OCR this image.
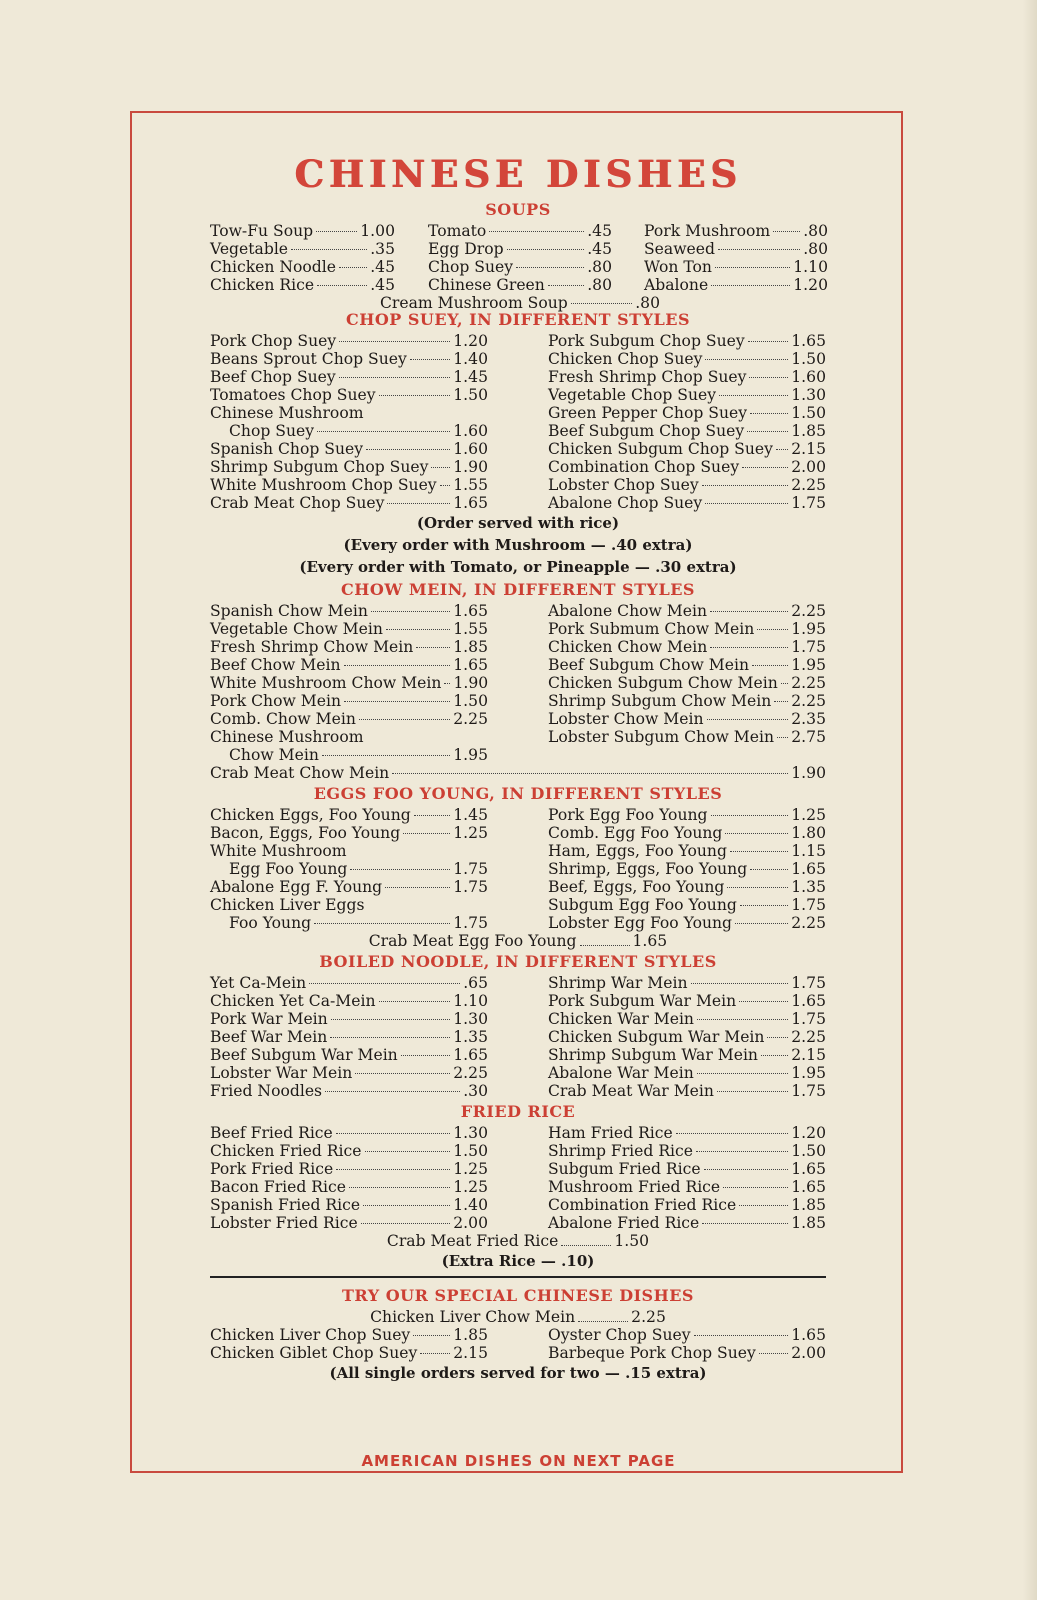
CHINESE DISHES
SOUPS
Tow-Fu Soup	1.00
Vegetable	.35
Chicken Noodle .45
Chicken Rice	.45
Tomato	.45
Egg Drop	.45
Chop Suey	.80
Chinese Green	.80
Pork Mushroom .80
Seaweed	.80
Won Ton	1.10
Abalone	1.20
Cream Mushroom Soup	.80
CHOP SUEY, IN DIFFERENT STYLES
Pork Chop Suey	1.20
Beans Sprout Chop Suey	1.40
Beef Chop Suey	1.45
Tomatoes Chop Suey	1.50
Chinese Mushroom
Chop Suey	1.60
Spanish Chop Suey	1.60
Shrimp Subgum Chop Suey 1.90
White Mushroom Chop Suey 1.55
Crab Meat Chop Suey	1.65
Pork Subgum Chop Suey	1.65
Chicken Chop Suey	1.50
Fresh Shrimp Chop Suey	1.60
Vegetable Chop Suey	1.30
Green Pepper Chop Suey	1.50
Beef Subgum Chop Suey	1.85
Chicken Subgum Chop Suey 2.15
Combination Chop Suey	2.00
Lobster Chop Suey	2.25
Abalone Chop Suey	1.75
(Order served with rice)
(Every order with Mushroom — .40 extra)
(Every order with Tomato, or Pineapple — .30 extra)
CHOW MEIN, IN DIFFERENT STYLES
Spanish Chow Mein	1.65
Vegetable Chow Mein	1.55
Fresh Shrimp Chow Mein	1.85
Beef Chow Mein	1.65
White Mushroom Chow Mein 1.90
Pork Chow Mein	1.50
Comb. Chow Mein	2.25
Chinese Mushroom
Chow Mein	1.95
Abalone Chow Mein	2.25
Pork Submum Chow Mein 1.95
Chicken Chow Mein	1.75
Beef Subgum Chow Mein	1.95
Chicken Subgum Chow Mein 2.25
Shrimp Subgum Chow Mein 2.25
Lobster Chow Mein	2.35
Lobster Subgum Chow Mein 2.75
Crab Meat Chow Mein	1.90
EGGS FOO YOUNG, IN DIFFERENT STYLES
Chicken Eggs, Foo Young	1.45
Bacon, Eggs, Foo Young	1.25
White Mushroom
Egg Foo Young	1.75
Abalone Egg F. Young	1.75
Chicken Liver Eggs
Foo Young	1.75
Pork Egg Foo Young	1.25
Comb. Egg Foo Young	1.80
Ham, Eggs, Foo Young	1.15
Shrimp, Eggs, Foo Young	1.65
Beef, Eggs, Foo Young	1.35
Subgum Egg Foo Young	1.75
Lobster Egg Foo Young	2.25
Crab Meat Egg Foo Young	1.65
BOILED NOODLE, IN DIFFERENT STYLES
Yet Ca-Mein	.65
Chicken Yet Ca-Mein	1.10
Pork War Mein	1.30
Beef War Mein	1.35
Beef Subgum War Mein	1.65
Lobster War Mein	2.25
Fried Noodles	.30
Shrimp War Mein	1.75
Pork Subgum War Mein	1.65
Chicken War Mein	1.75
Chicken Subgum War Mein 2.25
Shrimp Subgum War Mein 2.15
Abalone War Mein	1.95
Crab Meat War Mein	1.75
FRIED RICE
Beef Fried Rice	1.30
Chicken Fried Rice	1.50
Pork Fried Rice	1.25
Bacon Fried Rice	1.25
Spanish Fried Rice	1.40
Lobster Fried Rice	2.00
Ham Fried Rice	1.20
Shrimp Fried Rice	1.50
Subgum Fried Rice	1.65
Mushroom Fried Rice	1.65
Combination Fried Rice	1.85
Abalone Fried Rice	1.85
Crab Meat Fried Rice	1.50
(Extra Rice — .10)
TRY OUR SPECIAL CHINESE DISHES
Chicken Liver Chow Mein	2.25
Chicken Liver Chop Suey	1.85
Chicken Giblet Chop Suey 2.15
Oyster Chop Suey	1.65
Barbeque Pork Chop Suey 2.00
(All single orders served for two — .15 extra)
AMERICAN DISHES ON NEXT PAGE
